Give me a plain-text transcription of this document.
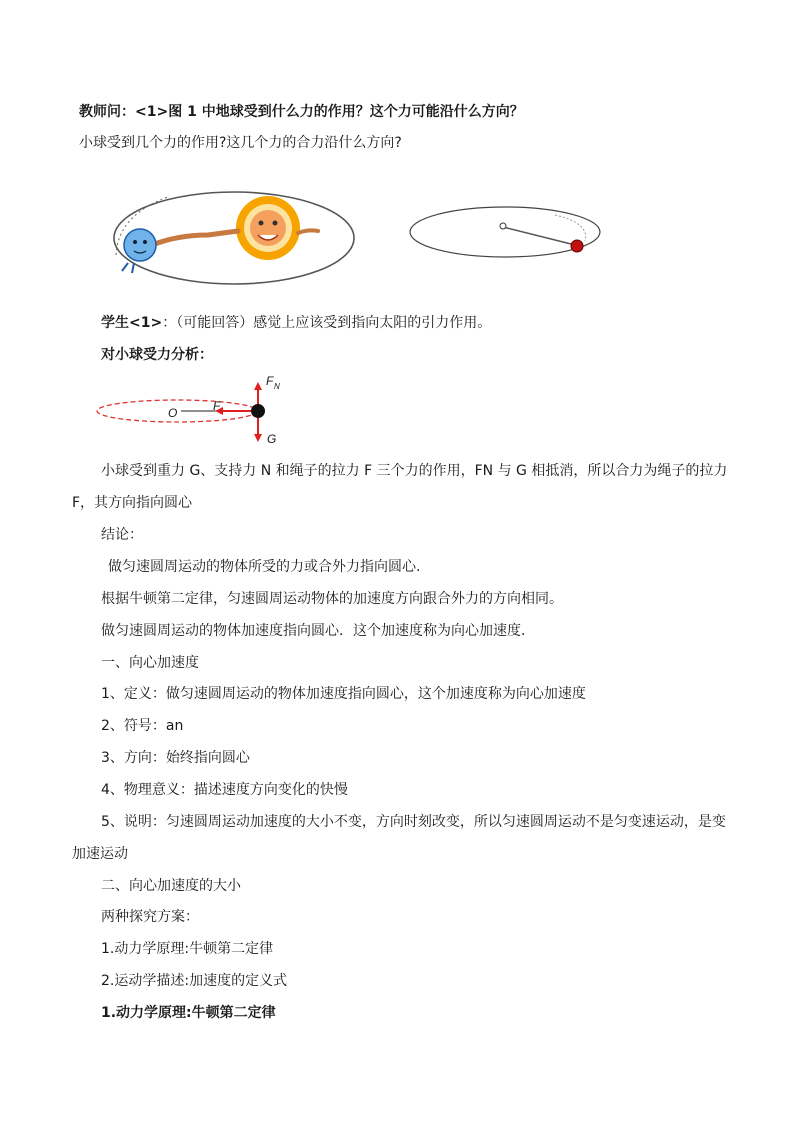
教师问：<1>图 1 中地球受到什么力的作用？这个力可能沿什么方向？
小球受到几个力的作用?这几个力的合力沿什么方向?
学生<1>：（可能回答）感觉上应该受到指向太阳的引力作用。
对小球受力分析：
F N
O	F
G
小球受到重力 G、支持力 N 和绳子的拉力 F 三个力的作用，FN 与 G 相抵消，所以合力为绳子的拉力
F，其方向指向圆心
结论：
做匀速圆周运动的物体所受的力或合外力指向圆心.
根据牛顿第二定律，匀速圆周运动物体的加速度方向跟合外力的方向相同。
做匀速圆周运动的物体加速度指向圆心．这个加速度称为向心加速度．
一、向心加速度
1、定义：做匀速圆周运动的物体加速度指向圆心，这个加速度称为向心加速度
2、符号：an
3、方向：始终指向圆心
4、物理意义：描述速度方向变化的快慢
5、说明：匀速圆周运动加速度的大小不变，方向时刻改变，所以匀速圆周运动不是匀变速运动，是变
加速运动
二、向心加速度的大小
两种探究方案：
1.动力学原理:牛顿第二定律
2.运动学描述:加速度的定义式
1.动力学原理:牛顿第二定律
